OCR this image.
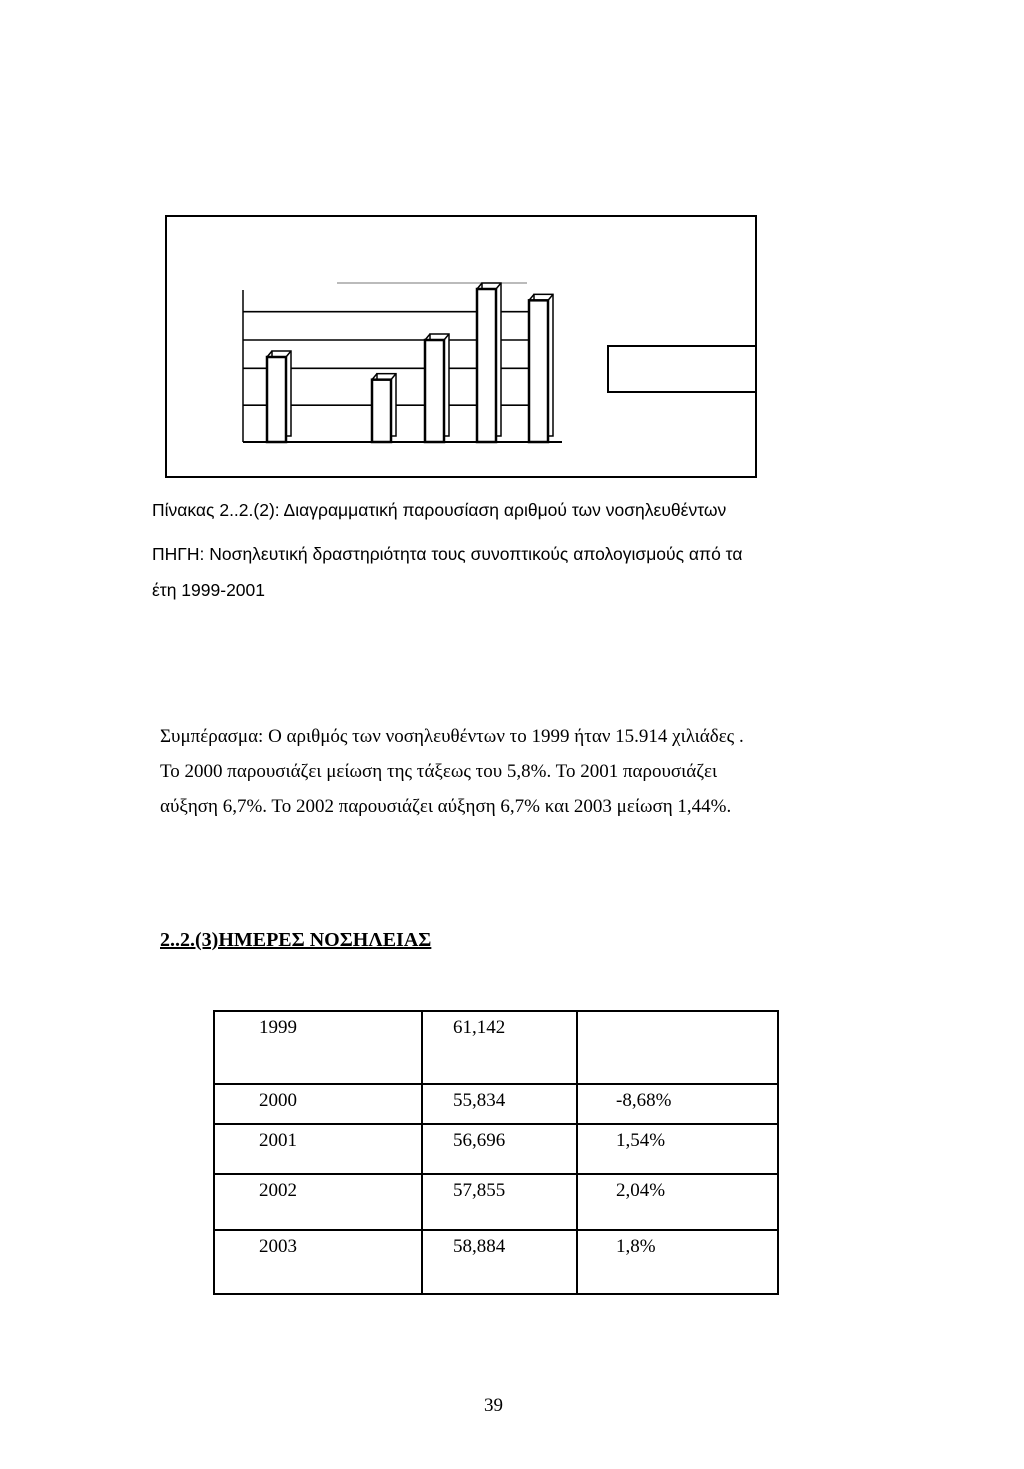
Πίνακας 2..2.(2): Διαγραμματική παρουσίαση αριθμού των νοσηλευθέντων
ΠΗΓΗ: Νοσηλευτική δραστηριότητα τους συνοπτικούς απολογισμούς από τα
έτη 1999-2001
Συμπέρασμα: Ο αριθμός των νοσηλευθέντων το 1999 ήταν 15.914 χιλιάδες .
Το 2000 παρουσιάζει μείωση της τάξεως του 5,8%. Το 2001 παρουσιάζει
αύξηση 6,7%. Το 2002 παρουσιάζει αύξηση 6,7% και 2003 μείωση 1,44%.
2..2.(3)ΗΜΕΡΕΣ ΝΟΣΗΛΕΙΑΣ
1999	61,142	
2000	55,834	-8,68%
2001	56,696	1,54%
2002	57,855	2,04%
2003	58,884	1,8%
39
